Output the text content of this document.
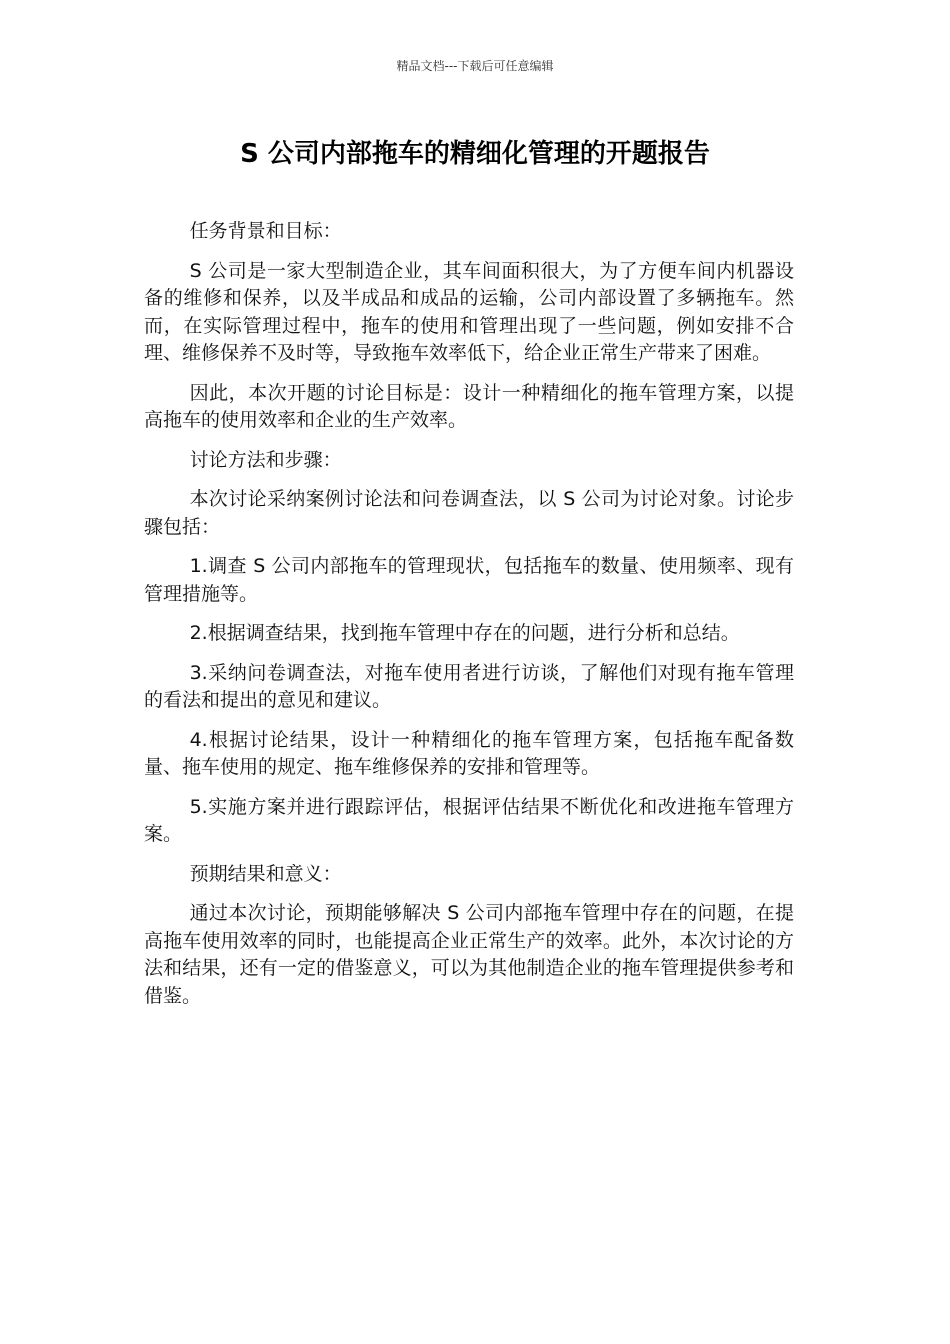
精品文档---下载后可任意编辑
S 公司内部拖车的精细化管理的开题报告

任务背景和目标：

S 公司是一家大型制造企业，其车间面积很大，为了方便车间内机器设备的维修和保养，以及半成品和成品的运输，公司内部设置了多辆拖车。然而，在实际管理过程中，拖车的使用和管理出现了一些问题，例如安排不合理、维修保养不及时等，导致拖车效率低下，给企业正常生产带来了困难。

因此，本次开题的讨论目标是：设计一种精细化的拖车管理方案，以提高拖车的使用效率和企业的生产效率。

讨论方法和步骤：

本次讨论采纳案例讨论法和问卷调查法，以 S 公司为讨论对象。讨论步骤包括：

1.调查 S 公司内部拖车的管理现状，包括拖车的数量、使用频率、现有管理措施等。

2.根据调查结果，找到拖车管理中存在的问题，进行分析和总结。

3.采纳问卷调查法，对拖车使用者进行访谈，了解他们对现有拖车管理的看法和提出的意见和建议。

4.根据讨论结果，设计一种精细化的拖车管理方案，包括拖车配备数量、拖车使用的规定、拖车维修保养的安排和管理等。

5.实施方案并进行跟踪评估，根据评估结果不断优化和改进拖车管理方案。

预期结果和意义：

通过本次讨论，预期能够解决 S 公司内部拖车管理中存在的问题，在提高拖车使用效率的同时，也能提高企业正常生产的效率。此外，本次讨论的方法和结果，还有一定的借鉴意义，可以为其他制造企业的拖车管理提供参考和借鉴。
